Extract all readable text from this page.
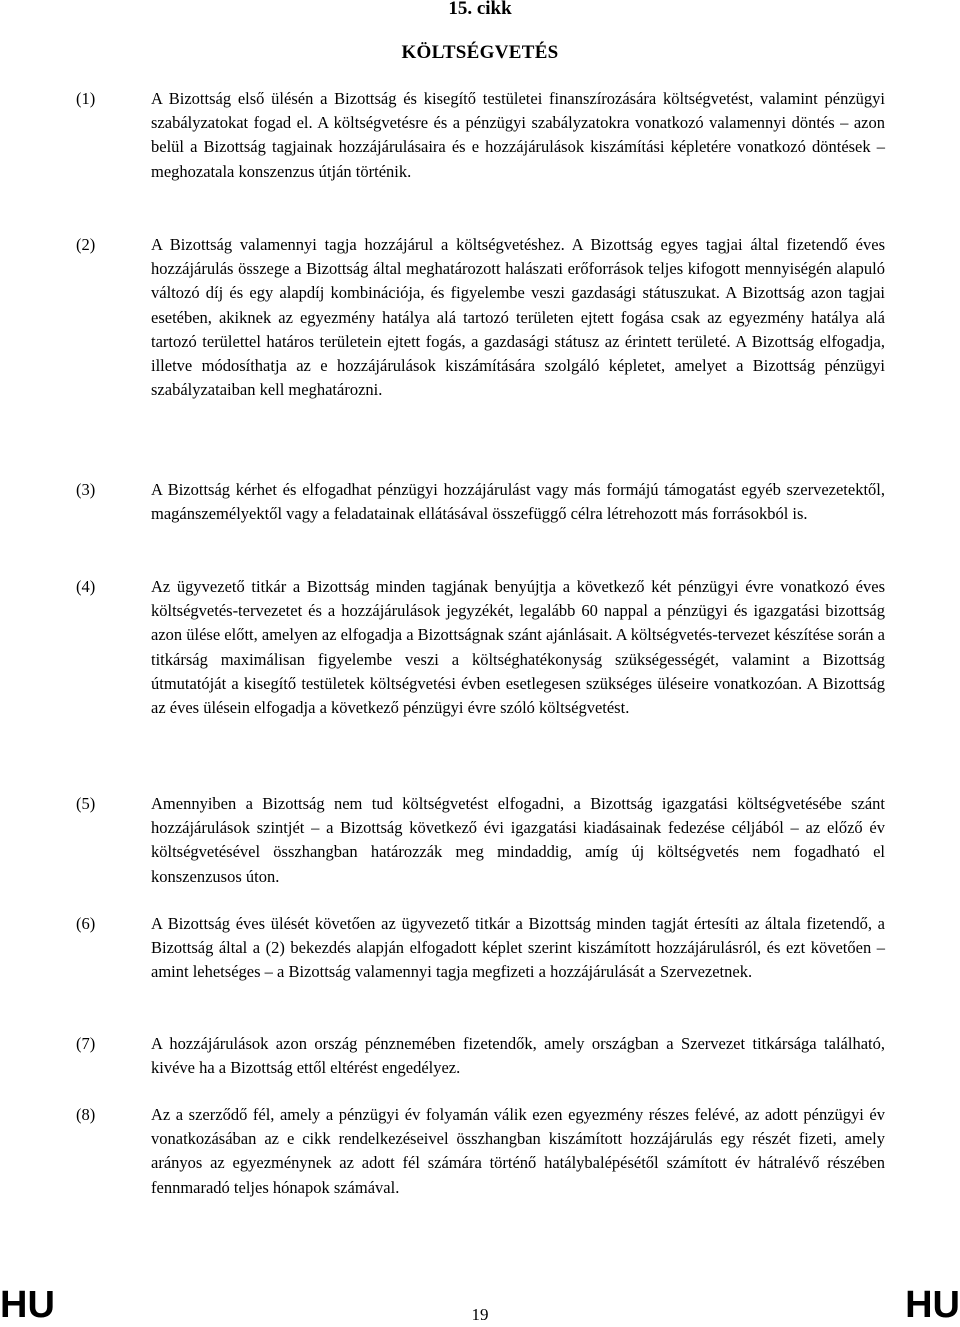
15. cikk
KÖLTSÉGVETÉS
(1)	A Bizottság első ülésén a Bizottság és kisegítő testületei finanszírozására költségvetést, valamint pénzügyi szabályzatokat fogad el. A költségvetésre és a pénzügyi szabályzatokra vonatkozó valamennyi döntés – azon belül a Bizottság tagjainak hozzájárulásaira és e hozzájárulások kiszámítási képletére vonatkozó döntések – meghozatala konszenzus útján történik.

(2)	A Bizottság valamennyi tagja hozzájárul a költségvetéshez. A Bizottság egyes tagjai által fizetendő éves hozzájárulás összege a Bizottság által meghatározott halászati erőforrások teljes kifogott mennyiségén alapuló változó díj és egy alapdíj kombinációja, és figyelembe veszi gazdasági státuszukat. A Bizottság azon tagjai esetében, akiknek az egyezmény hatálya alá tartozó területen ejtett fogása csak az egyezmény hatálya alá tartozó területtel határos területein ejtett fogás, a gazdasági státusz az érintett területé. A Bizottság elfogadja, illetve módosíthatja az e hozzájárulások kiszámítására szolgáló képletet, amelyet a Bizottság pénzügyi szabályzataiban kell meghatározni.

(3)	A Bizottság kérhet és elfogadhat pénzügyi hozzájárulást vagy más formájú támogatást egyéb szervezetektől, magánszemélyektől vagy a feladatainak ellátásával összefüggő célra létrehozott más forrásokból is.

(4)	Az ügyvezető titkár a Bizottság minden tagjának benyújtja a következő két pénzügyi évre vonatkozó éves költségvetés-tervezetet és a hozzájárulások jegyzékét, legalább 60 nappal a pénzügyi és igazgatási bizottság azon ülése előtt, amelyen az elfogadja a Bizottságnak szánt ajánlásait. A költségvetés-tervezet készítése során a titkárság maximálisan figyelembe veszi a költséghatékonyság szükségességét, valamint a Bizottság útmutatóját a kisegítő testületek költségvetési évben esetlegesen szükséges üléseire vonatkozóan. A Bizottság az éves ülésein elfogadja a következő pénzügyi évre szóló költségvetést.

(5)	Amennyiben a Bizottság nem tud költségvetést elfogadni, a Bizottság igazgatási költségvetésébe szánt hozzájárulások szintjét – a Bizottság következő évi igazgatási kiadásainak fedezése céljából – az előző év költségvetésével összhangban határozzák meg mindaddig, amíg új költségvetés nem fogadható el konszenzusos úton.

(6)	A Bizottság éves ülését követően az ügyvezető titkár a Bizottság minden tagját értesíti az általa fizetendő, a Bizottság által a (2) bekezdés alapján elfogadott képlet szerint kiszámított hozzájárulásról, és ezt követően – amint lehetséges – a Bizottság valamennyi tagja megfizeti a hozzájárulását a Szervezetnek.

(7)	A hozzájárulások azon ország pénznemében fizetendők, amely országban a Szervezet titkársága található, kivéve ha a Bizottság ettől eltérést engedélyez.

(8)	Az a szerződő fél, amely a pénzügyi év folyamán válik ezen egyezmény részes felévé, az adott pénzügyi év vonatkozásában az e cikk rendelkezéseivel összhangban kiszámított hozzájárulás egy részét fizeti, amely arányos az egyezménynek az adott fél számára történő hatálybalépésétől számított év hátralévő részében fennmaradó teljes hónapok számával.

HU	19	HU
